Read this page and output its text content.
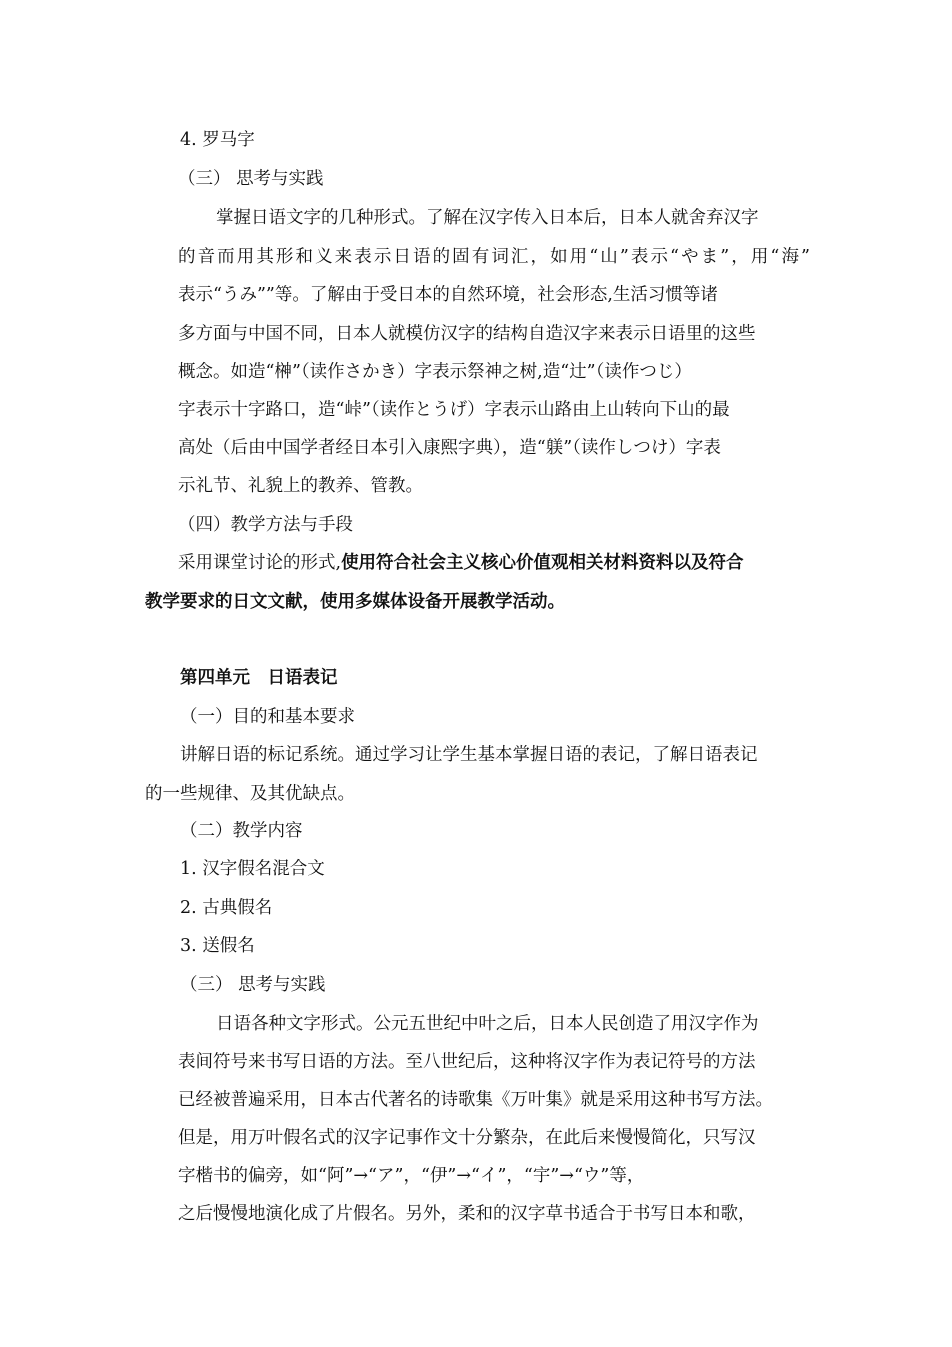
4. 罗马字
（三） 思考与实践
掌握日语文字的几种形式。了解在汉字传入日本后，日本人就舍弃汉字
的音而用其形和义来表示日语的固有词汇，如用“山”表示“やま”，用“海”
表示“うみ””等。了解由于受日本的自然环境，社会形态,生活习惯等诸
多方面与中国不同，日本人就模仿汉字的结构自造汉字来表示日语里的这些
概念。如造“榊”（读作さかき）字表示祭神之树,造“辻”（读作つじ）
字表示十字路口，造“峠”（读作とうげ）字表示山路由上山转向下山的最
高处（后由中国学者经日本引入康熙字典），造“躾”（读作しつけ）字表
示礼节、礼貌上的教养、管教。
（四）教学方法与手段
采用课堂讨论的形式,使用符合社会主义核心价值观相关材料资料以及符合
教学要求的日文文献，使用多媒体设备开展教学活动。
第四单元　日语表记
（一）目的和基本要求
讲解日语的标记系统。通过学习让学生基本掌握日语的表记，了解日语表记
的一些规律、及其优缺点。
（二）教学内容
1. 汉字假名混合文
2. 古典假名
3. 送假名
（三） 思考与实践
日语各种文字形式。公元五世纪中叶之后，日本人民创造了用汉字作为
表间符号来书写日语的方法。至八世纪后，这种将汉字作为表记符号的方法
已经被普遍采用，日本古代著名的诗歌集《万叶集》就是采用这种书写方法。
但是，用万叶假名式的汉字记事作文十分繁杂，在此后来慢慢简化，只写汉
字楷书的偏旁，如“阿”→“ア”，“伊”→“イ”，“宇”→“ウ”等，
之后慢慢地演化成了片假名。另外，柔和的汉字草书适合于书写日本和歌，
